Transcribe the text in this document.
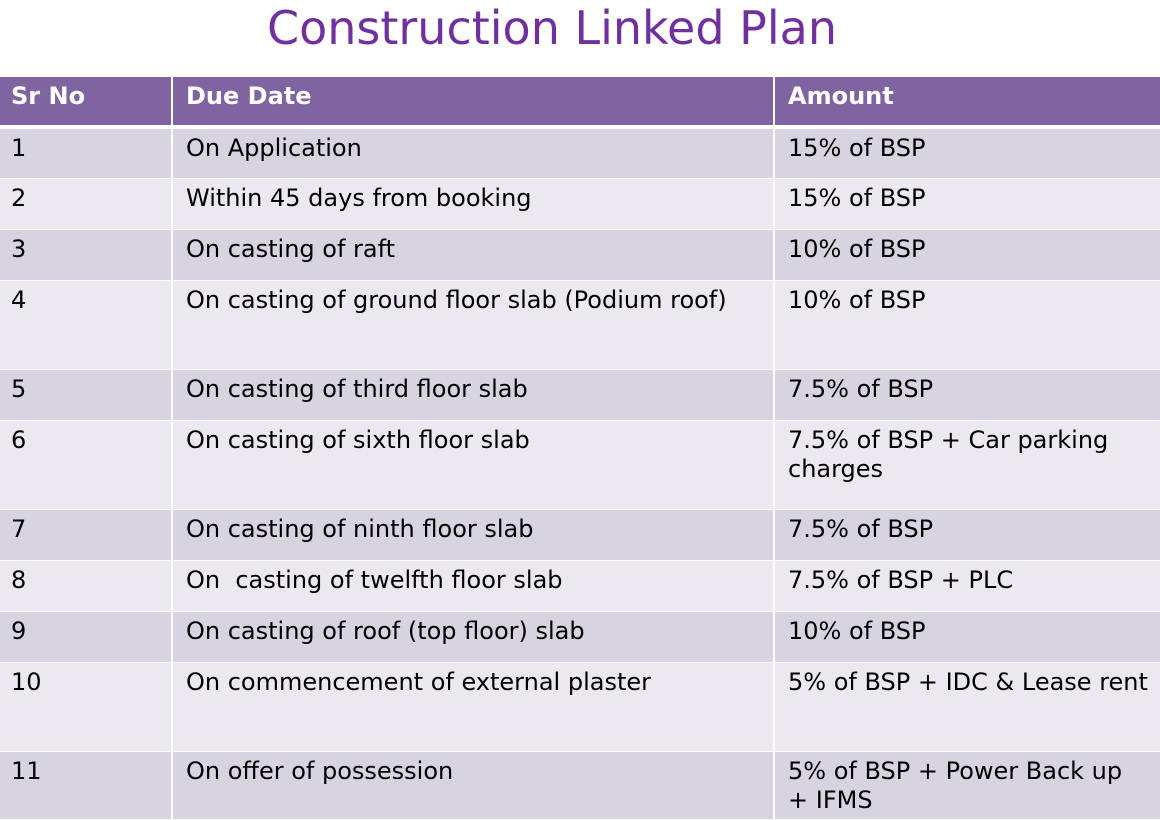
Construction Linked Plan
Sr No	Due Date	Amount
1	On Application	15% of BSP
2	Within 45 days from booking	15% of BSP
3	On casting of raft	10% of BSP
4	On casting of ground floor slab (Podium roof)	10% of BSP
5	On casting of third floor slab	7.5% of BSP
6	On casting of sixth floor slab	7.5% of BSP + Car parking charges
7	On casting of ninth floor slab	7.5% of BSP
8	On  casting of twelfth floor slab	7.5% of BSP + PLC
9	On casting of roof (top floor) slab	10% of BSP
10	On commencement of external plaster	5% of BSP + IDC & Lease rent
11	On offer of possession	5% of BSP + Power Back up + IFMS
